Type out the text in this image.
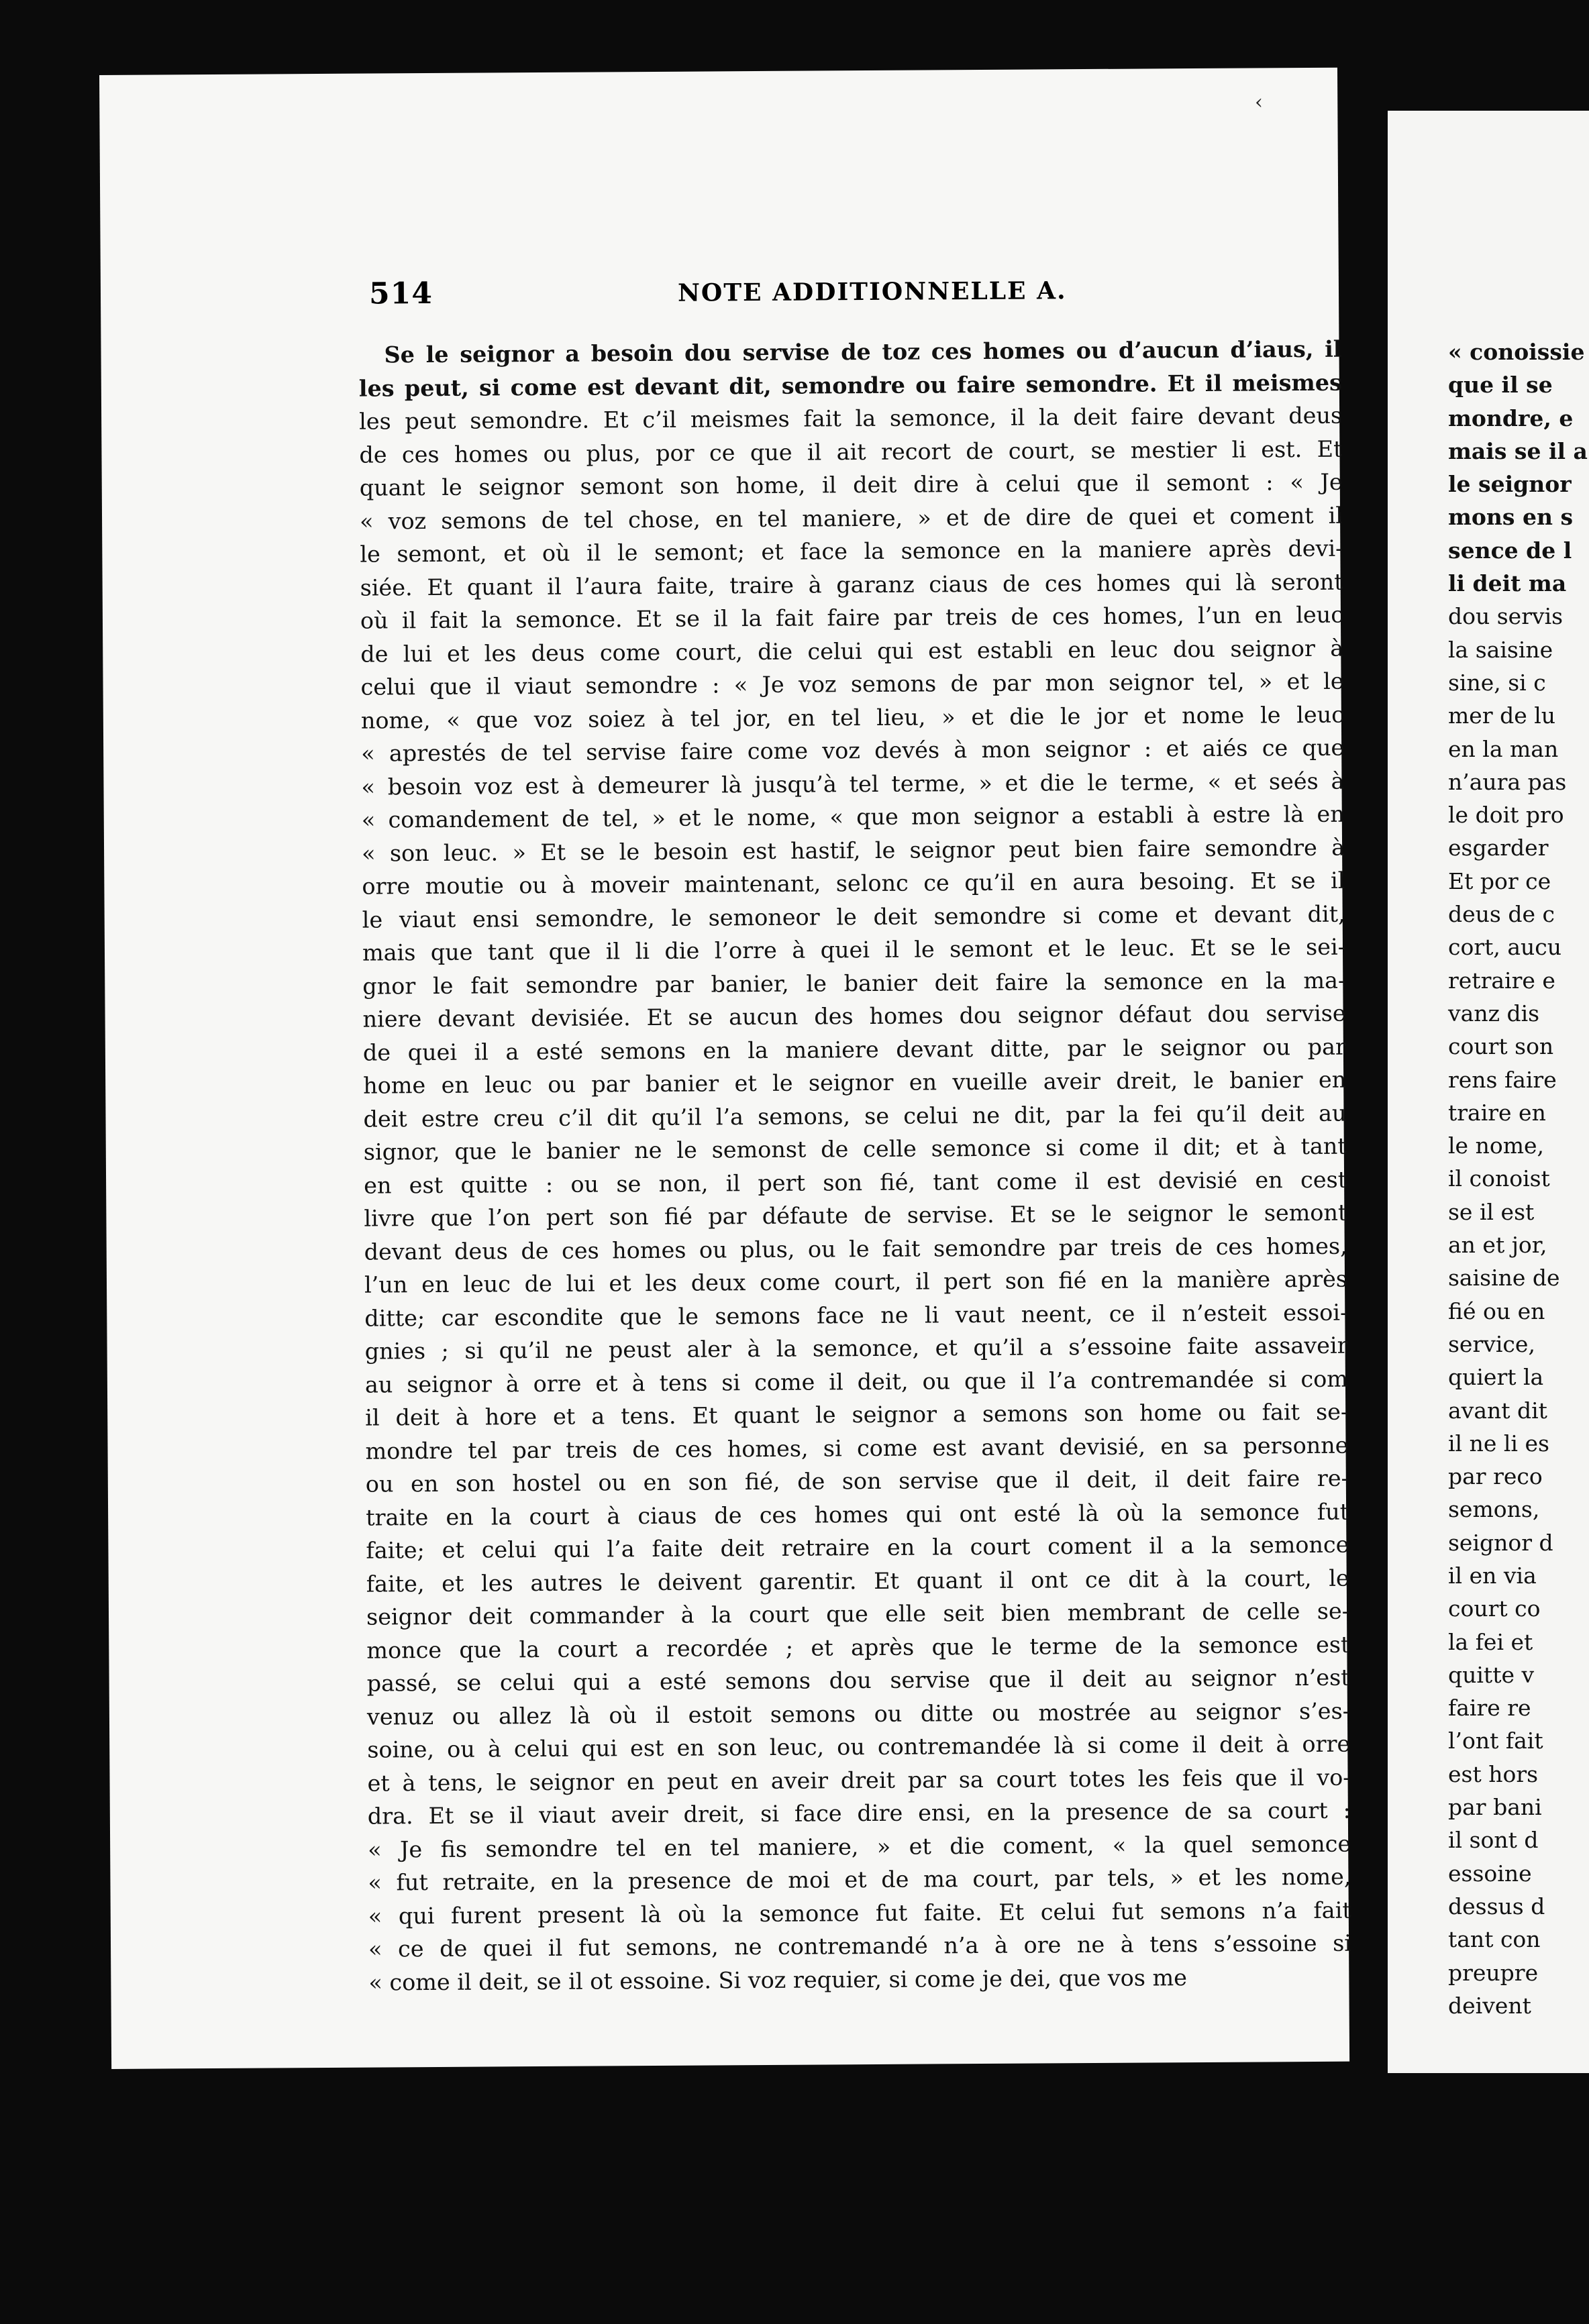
514	NOTE ADDITIONNELLE A.
Se le seignor a besoin dou servise de toz ces homes ou d’aucun d’iaus, il
les peut, si come est devant dit, semondre ou faire semondre. Et il meismes
les peut semondre. Et c’il meismes fait la semonce, il la deit faire devant deus
de ces homes ou plus, por ce que il ait recort de court, se mestier li est. Et
quant le seignor semont son home, il deit dire à celui que il semont : « Je
« voz semons de tel chose, en tel maniere, » et de dire de quei et coment il
le semont, et où il le semont; et face la semonce en la maniere après devi-
siée. Et quant il l’aura faite, traire à garanz ciaus de ces homes qui là seront
où il fait la semonce. Et se il la fait faire par treis de ces homes, l’un en leuc
de lui et les deus come court, die celui qui est establi en leuc dou seignor à
celui que il viaut semondre : « Je voz semons de par mon seignor tel, » et le
nome, « que voz soiez à tel jor, en tel lieu, » et die le jor et nome le leuc
« aprestés de tel servise faire come voz devés à mon seignor : et aiés ce que
« besoin voz est à demeurer là jusqu’à tel terme, » et die le terme, « et seés à
« comandement de tel, » et le nome, « que mon seignor a establi à estre là en
« son leuc. » Et se le besoin est hastif, le seignor peut bien faire semondre à
orre moutie ou à moveir maintenant, selonc ce qu’il en aura besoing. Et se il
le viaut ensi semondre, le semoneor le deit semondre si come et devant dit,
mais que tant que il li die l’orre à quei il le semont et le leuc. Et se le sei-
gnor le fait semondre par banier, le banier deit faire la semonce en la ma-
niere devant devisiée. Et se aucun des homes dou seignor défaut dou servise
de quei il a esté semons en la maniere devant ditte, par le seignor ou par
home en leuc ou par banier et le seignor en vueille aveir dreit, le banier en
deit estre creu c’il dit qu’il l’a semons, se celui ne dit, par la fei qu’il deit au
signor, que le banier ne le semonst de celle semonce si come il dit; et à tant
en est quitte : ou se non, il pert son fié, tant come il est devisié en cest
livre que l’on pert son fié par défaute de servise. Et se le seignor le semont
devant deus de ces homes ou plus, ou le fait semondre par treis de ces homes,
l’un en leuc de lui et les deux come court, il pert son fié en la manière après
ditte; car escondite que le semons face ne li vaut neent, ce il n’esteit essoi-
gnies ; si qu’il ne peust aler à la semonce, et qu’il a s’essoine faite assaveir
au seignor à orre et à tens si come il deit, ou que il l’a contremandée si com
il deit à hore et a tens. Et quant le seignor a semons son home ou fait se-
mondre tel par treis de ces homes, si come est avant devisié, en sa personne
ou en son hostel ou en son fié, de son servise que il deit, il deit faire re-
traite en la court à ciaus de ces homes qui ont esté là où la semonce fut
faite; et celui qui l’a faite deit retraire en la court coment il a la semonce
faite, et les autres le deivent garentir. Et quant il ont ce dit à la court, le
seignor deit commander à la court que elle seit bien membrant de celle se-
monce que la court a recordée ; et après que le terme de la semonce est
passé, se celui qui a esté semons dou servise que il deit au seignor n’est
venuz ou allez là où il estoit semons ou ditte ou mostrée au seignor s’es-
soine, ou à celui qui est en son leuc, ou contremandée là si come il deit à orre
et à tens, le seignor en peut en aveir dreit par sa court totes les feis que il vo-
dra. Et se il viaut aveir dreit, si face dire ensi, en la presence de sa court :
« Je fis semondre tel en tel maniere, » et die coment, « la quel semonce
« fut retraite, en la presence de moi et de ma court, par tels, » et les nome,
« qui furent present là où la semonce fut faite. Et celui fut semons n’a fait
« ce de quei il fut semons, ne contremandé n’a à ore ne à tens s’essoine si
« come il deit, se il ot essoine. Si voz requier, si come je dei, que vos me
‹
« conoissie
que il se
mondre, e
mais se il a
le seignor
mons en s
sence de l
li deit ma
dou servis
la saisine
sine, si c
mer de lu
en la man
n’aura pas
le doit pro
esgarder
Et por ce
deus de c
cort, aucu
retraire e
vanz dis
court son
rens faire
traire en
le nome,
il conoist
se il est
an et jor,
saisine de
fié ou en
service,
quiert la
avant dit
il ne li es
par reco
semons,
seignor d
il en via
court co
la fei et
quitte v
faire re
l’ont fait
est hors
par bani
il sont d
essoine
dessus d
tant con
preupre
deivent
